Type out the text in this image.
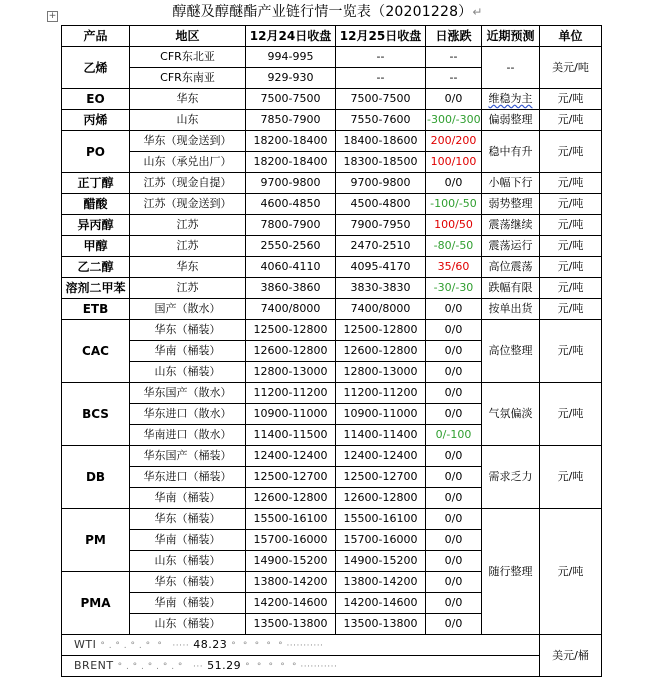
+	醇醚及醇醚酯产业链行情一览表（20201228）↵
产品	地区	12月24日收盘	12月25日收盘	日涨跌	近期预测	单位
乙烯	CFR东北亚	994-995	--	--	--	美元/吨
	CFR东南亚	929-930	--	--		
EO	华东	7500-7500	7500-7500	0/0	维稳为主	元/吨
丙烯	山东	7850-7900	7550-7600	-300/-300	偏弱整理	元/吨
PO	华东（现金送到）	18200-18400	18400-18600	200/200	稳中有升	元/吨
	山东（承兑出厂）	18200-18400	18300-18500	100/100		
正丁醇	江苏（现金自提）	9700-9800	9700-9800	0/0	小幅下行	元/吨
醋酸	江苏（现金送到）	4600-4850	4500-4800	-100/-50	弱势整理	元/吨
异丙醇	江苏	7800-7900	7900-7950	100/50	震荡继续	元/吨
甲醇	江苏	2550-2560	2470-2510	-80/-50	震荡运行	元/吨
乙二醇	华东	4060-4110	4095-4170	35/60	高位震荡	元/吨
溶剂二甲苯	江苏	3860-3860	3830-3830	-30/-30	跌幅有限	元/吨
ETB	国产（散水）	7400/8000	7400/8000	0/0	按单出货	元/吨
CAC	华东（桶装）	12500-12800	12500-12800	0/0	高位整理	元/吨
	华南（桶装）	12600-12800	12600-12800	0/0		
	山东（桶装）	12800-13000	12800-13000	0/0		
BCS	华东国产（散水）	11200-11200	11200-11200	0/0	气氛偏淡	元/吨
	华东进口（散水）	10900-11000	10900-11000	0/0		
	华南进口（散水）	11400-11500	11400-11400	0/-100		
DB	华东国产（桶装）	12400-12400	12400-12400	0/0	需求乏力	元/吨
	华东进口（桶装）	12500-12700	12500-12700	0/0		
	华南（桶装）	12600-12800	12600-12800	0/0		
PM	华东（桶装）	15500-16100	15500-16100	0/0	随行整理	元/吨
	华南（桶装）	15700-16000	15700-16000	0/0		
	山东（桶装）	14900-15200	14900-15200	0/0		
PMA	华东（桶装）	13800-14200	13800-14200	0/0		
	华南（桶装）	14200-14600	14200-14600	0/0		
	山东（桶装）	13500-13800	13500-13800	0/0		
WTI ° . ° . ° . °  °   ····· 48.23 °  °  °  °  ° ···········						美元/桶
BRENT ° . ° . ° . ° . °   ··· 51.29 °  °  °  °  ° ···········						
